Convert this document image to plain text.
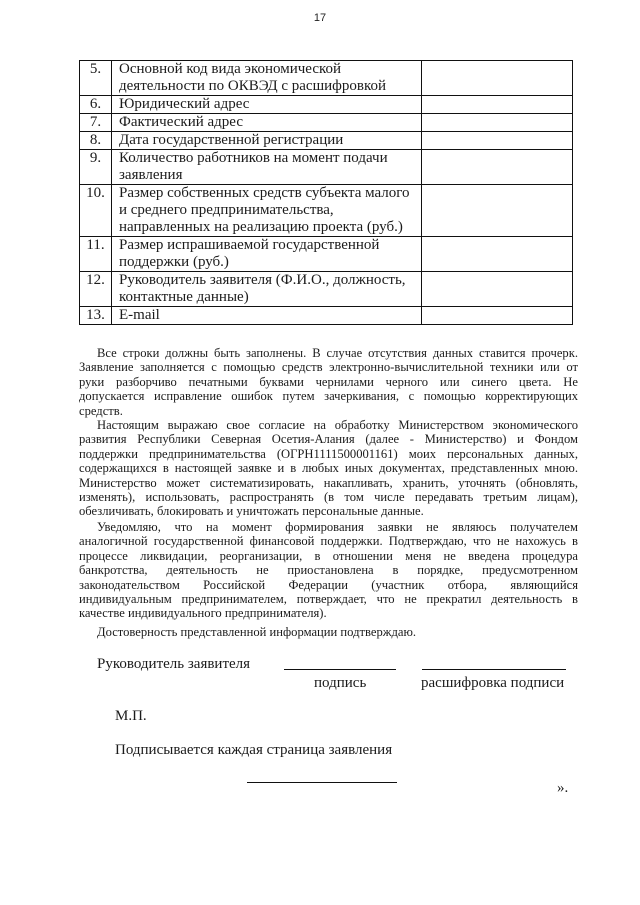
17
5.	Основной код вида экономической
деятельности по ОКВЭД с расшифровкой	

6.	Юридический адрес	

7.	Фактический адрес	

8.	Дата государственной регистрации	

9.	Количество работников на момент подачи
заявления	

10.	Размер собственных средств субъекта малого
и среднего предпринимательства,
направленных на реализацию проекта (руб.)	

11.	Размер испрашиваемой государственной
поддержки (руб.)	

12.	Руководитель заявителя (Ф.И.О., должность,
контактные данные)	

13.	E-mail	

Все строки должны быть заполнены. В случае отсутствия данных ставится прочерк.
Заявление заполняется с помощью средств электронно-вычислительной техники или от
руки разборчиво печатными буквами чернилами черного или синего цвета. Не
допускается исправление ошибок путем зачеркивания, с помощью корректирующих
средств.

Настоящим выражаю свое согласие на обработку Министерством экономического
развития Республики Северная Осетия-Алания (далее - Министерство) и Фондом
поддержки предпринимательства (ОГРН1111500001161) моих персональных данных,
содержащихся в настоящей заявке и в любых иных документах, представленных мною.
Министерство может систематизировать, накапливать, хранить, уточнять (обновлять,
изменять), использовать, распространять (в том числе передавать третьим лицам),
обезличивать, блокировать и уничтожать персональные данные.

Уведомляю, что на момент формирования заявки не являюсь получателем
аналогичной государственной финансовой поддержки. Подтверждаю, что не нахожусь в
процессе ликвидации, реорганизации, в отношении меня не введена процедура
банкротства, деятельность не приостановлена в порядке, предусмотренном
законодательством Российской Федерации (участник отбора, являющийся
индивидуальным предпринимателем, потверждает, что не прекратил деятельность в
качестве индивидуального предпринимателя).

Достоверность представленной информации подтверждаю.

Руководитель заявителя
подпись	расшифровка подписи
М.П.
Подписывается каждая страница заявления
».
